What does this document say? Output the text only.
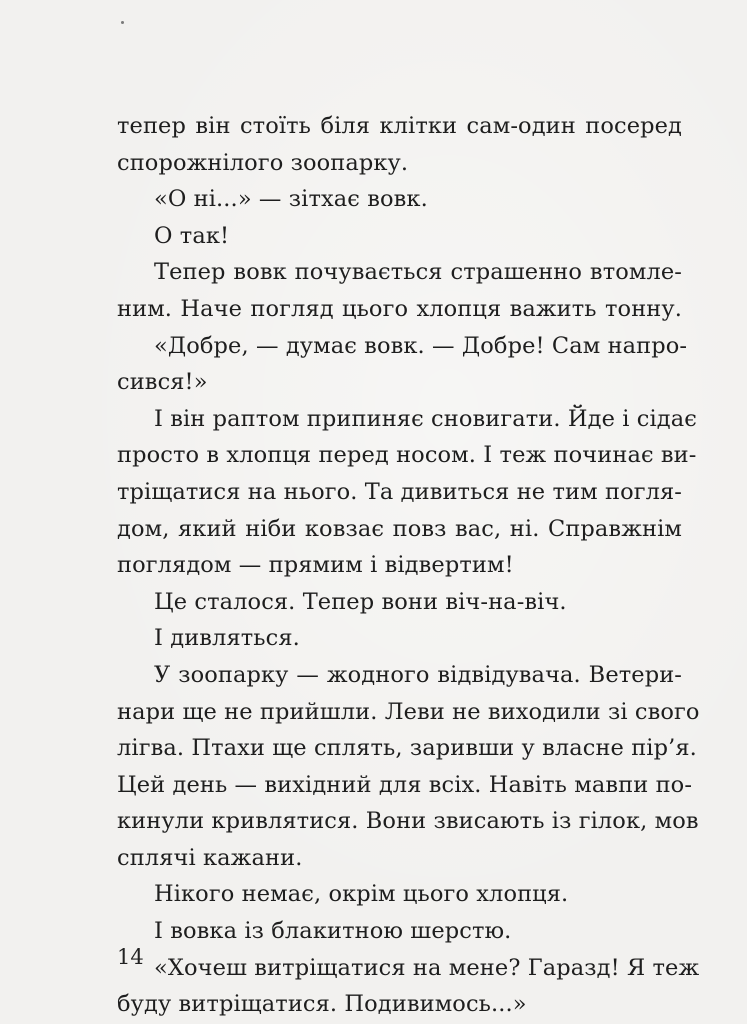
тепер він стоїть біля клітки сам-один посеред
спорожнілого зоопарку.
«О ні...» — зітхає вовк.
О так!
Тепер вовк почувається страшенно втомле-
ним. Наче погляд цього хлопця важить тонну.
«Добре, — думає вовк. — Добре! Сам напро-
сився!»
І він раптом припиняє сновигати. Йде і сідає
просто в хлопця перед носом. І теж починає ви-
тріщатися на нього. Та дивиться не тим погля-
дом, який ніби ковзає повз вас, ні. Справжнім
поглядом — прямим і відвертим!
Це сталося. Тепер вони віч-на-віч.
І дивляться.
У зоопарку — жодного відвідувача. Ветери-
нари ще не прийшли. Леви не виходили зі свого
лігва. Птахи ще сплять, заривши у власне пір’я.
Цей день — вихідний для всіх. Навіть мавпи по-
кинули кривлятися. Вони звисають із гілок, мов
сплячі кажани.
Нікого немає, окрім цього хлопця.
І вовка із блакитною шерстю.
«Хочеш витріщатися на мене? Гаразд! Я теж
буду витріщатися. Подивимось...»
14
